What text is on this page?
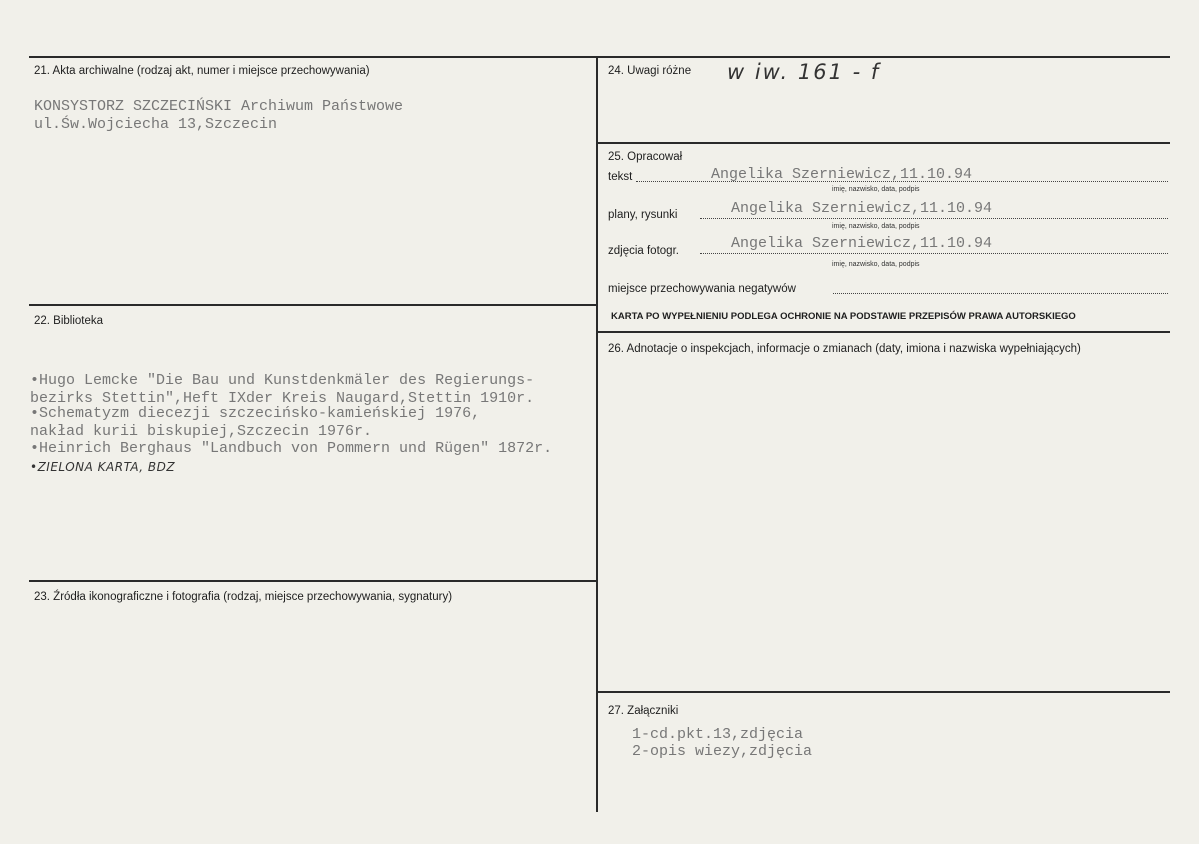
21. Akta archiwalne (rodzaj akt, numer i miejsce przechowywania)
KONSYSTORZ SZCZECIŃSKI Archiwum Państwowe
ul.Św.Wojciecha 13,Szczecin
22. Biblioteka
•Hugo Lemcke "Die Bau und Kunstdenkmäler des Regierungs-
bezirks Stettin",Heft IXder Kreis Naugard,Stettin 1910r.
•Schematyzm diecezji szczecińsko-kamieńskiej 1976,
nakład kurii biskupiej,Szczecin 1976r.
•Heinrich Berghaus "Landbuch von Pommern und Rügen" 1872r.
•ZIELONA KARTA, BDZ
23. Źródła ikonograficzne i fotografia (rodzaj, miejsce przechowywania, sygnatury)
24. Uwagi różne w iw. 161 - f
25. Opracował
tekst	Angelika Szerniewicz,11.10.94
imię, nazwisko, data, podpis
plany, rysunki	Angelika Szerniewicz,11.10.94
imię, nazwisko, data, podpis
zdjęcia fotogr.	Angelika Szerniewicz,11.10.94
imię, nazwisko, data, podpis
miejsce przechowywania negatywów
KARTA PO WYPEŁNIENIU PODLEGA OCHRONIE NA PODSTAWIE PRZEPISÓW PRAWA AUTORSKIEGO
26. Adnotacje o inspekcjach, informacje o zmianach (daty, imiona i nazwiska wypełniających)
27. Załączniki
1-cd.pkt.13,zdjęcia
2-opis wiezy,zdjęcia
